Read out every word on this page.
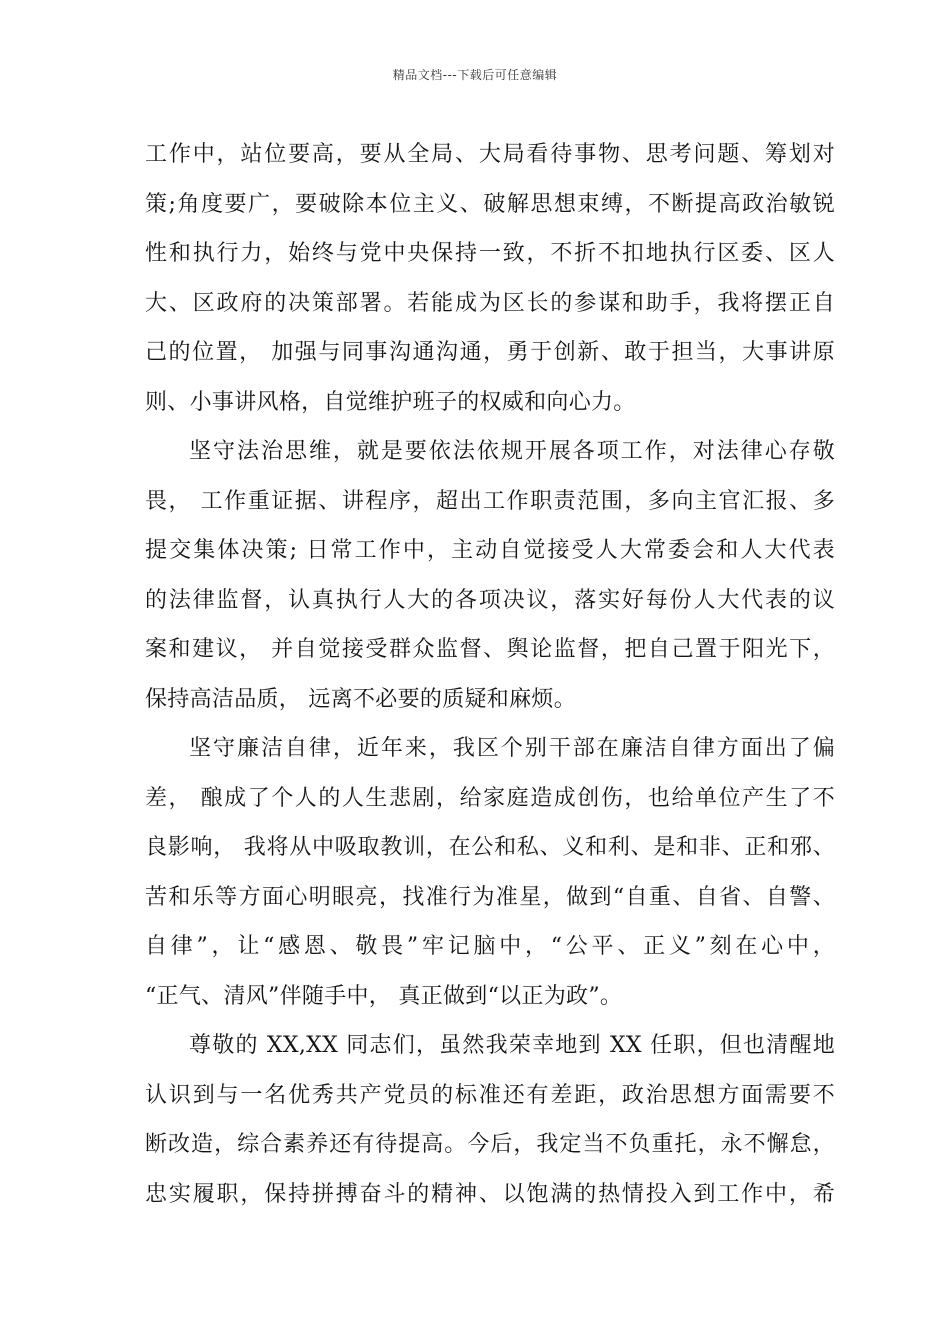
精品文档---下载后可任意编辑
工作中，站位要高，要从全局、大局看待事物、思考问题、筹划对
策;角度要广，要破除本位主义、破解思想束缚，不断提高政治敏锐
性和执行力，始终与党中央保持一致，不折不扣地执行区委、区人
大、区政府的决策部署。若能成为区长的参谋和助手，我将摆正自
己的位置， 加强与同事沟通沟通，勇于创新、敢于担当，大事讲原
则、小事讲风格，自觉维护班子的权威和向心力。
坚守法治思维，就是要依法依规开展各项工作，对法律心存敬
畏， 工作重证据、讲程序，超出工作职责范围，多向主官汇报、多
提交集体决策; 日常工作中，主动自觉接受人大常委会和人大代表
的法律监督，认真执行人大的各项决议，落实好每份人大代表的议
案和建议， 并自觉接受群众监督、舆论监督，把自己置于阳光下，
保持高洁品质， 远离不必要的质疑和麻烦。
坚守廉洁自律，近年来，我区个别干部在廉洁自律方面出了偏
差， 酿成了个人的人生悲剧，给家庭造成创伤，也给单位产生了不
良影响， 我将从中吸取教训，在公和私、义和利、是和非、正和邪、
苦和乐等方面心明眼亮，找准行为准星，做到“自重、自省、自警、
自律”，让“感恩、敬畏”牢记脑中，“公平、正义”刻在心中，
“正气、清风”伴随手中， 真正做到“以正为政”。
尊敬的 XX,XX 同志们，虽然我荣幸地到 XX 任职，但也清醒地
认识到与一名优秀共产党员的标准还有差距，政治思想方面需要不
断改造，综合素养还有待提高。今后，我定当不负重托，永不懈怠，
忠实履职，保持拼搏奋斗的精神、以饱满的热情投入到工作中，希
